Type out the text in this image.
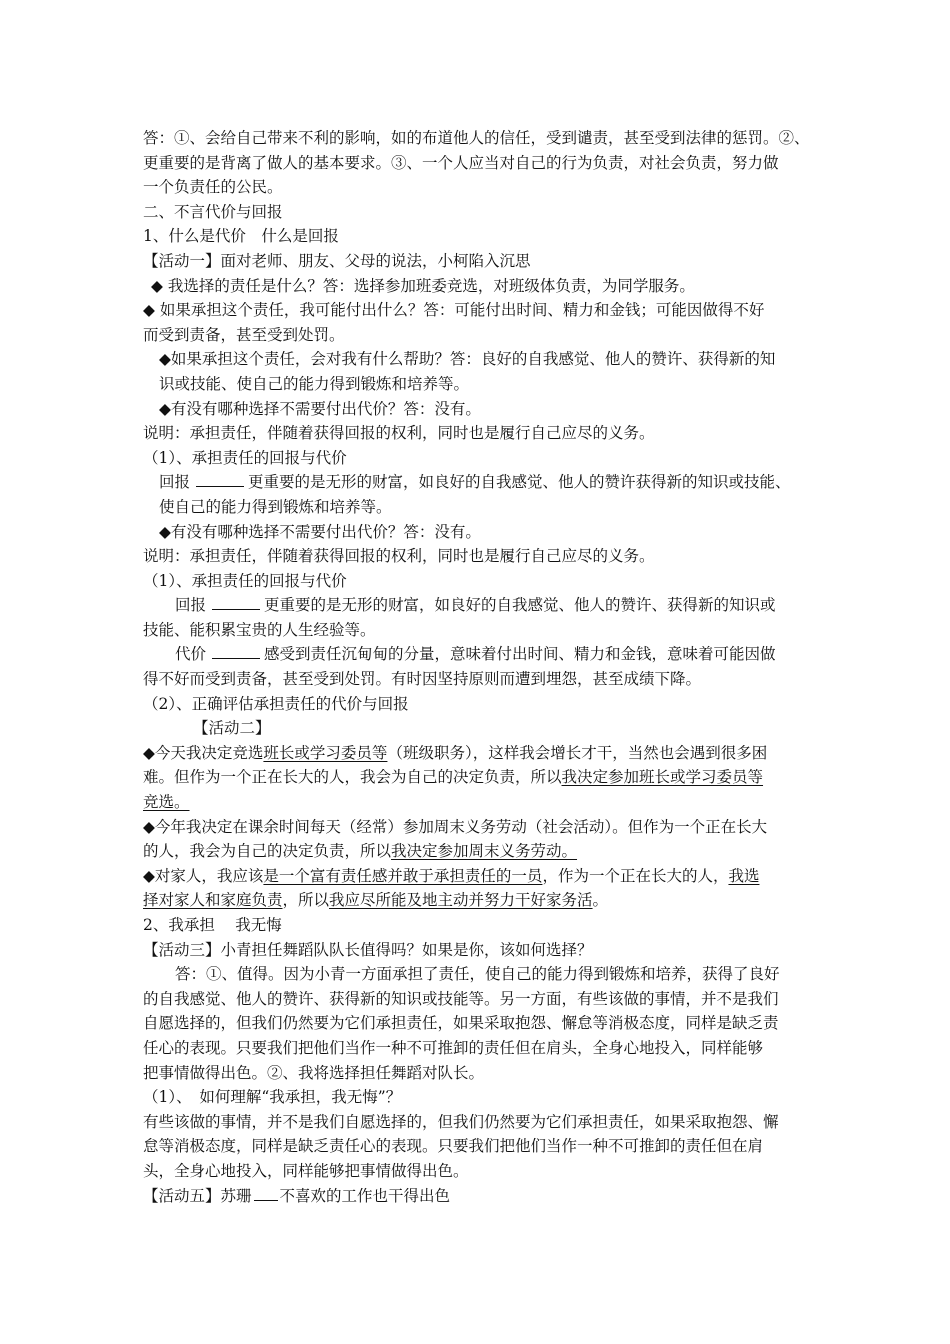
答：①、会给自己带来不利的影响，如的布道他人的信任，受到谴责，甚至受到法律的惩罚。②、
更重要的是背离了做人的基本要求。③、一个人应当对自己的行为负责，对社会负责，努力做
一个负责任的公民。
二、不言代价与回报
1、什么是代价　什么是回报
【活动一】面对老师、朋友、父母的说法，小柯陷入沉思
◆ 我选择的责任是什么？答：选择参加班委竞选，对班级体负责，为同学服务。
◆ 如果承担这个责任，我可能付出什么？答：可能付出时间、精力和金钱；可能因做得不好
而受到责备，甚至受到处罚。
◆如果承担这个责任，会对我有什么帮助？答：良好的自我感觉、他人的赞许、获得新的知
识或技能、使自己的能力得到锻炼和培养等。
◆有没有哪种选择不需要付出代价？答：没有。
说明：承担责任，伴随着获得回报的权利，同时也是履行自己应尽的义务。
（1）、承担责任的回报与代价
回报	更重要的是无形的财富，如良好的自我感觉、他人的赞许获得新的知识或技能、
使自己的能力得到锻炼和培养等。
◆有没有哪种选择不需要付出代价？答：没有。
说明：承担责任，伴随着获得回报的权利，同时也是履行自己应尽的义务。
（1）、承担责任的回报与代价
回报	更重要的是无形的财富，如良好的自我感觉、他人的赞许、获得新的知识或
技能、能积累宝贵的人生经验等。
代价	感受到责任沉甸甸的分量，意味着付出时间、精力和金钱，意味着可能因做
得不好而受到责备，甚至受到处罚。有时因坚持原则而遭到埋怨，甚至成绩下降。
（2）、正确评估承担责任的代价与回报
【活动二】
◆今天我决定竞选班长或学习委员等（班级职务），这样我会增长才干，当然也会遇到很多困
难。但作为一个正在长大的人，我会为自己的决定负责，所以我决定参加班长或学习委员等
竞选。
◆今年我决定在课余时间每天（经常）参加周末义务劳动（社会活动）。但作为一个正在长大
的人，我会为自己的决定负责，所以我决定参加周末义务劳动。
◆对家人，我应该是一个富有责任感并敢于承担责任的一员，作为一个正在长大的人，我选
择对家人和家庭负责，所以我应尽所能及地主动并努力干好家务活。
2、我承担　 我无悔
【活动三】小青担任舞蹈队队长值得吗？如果是你，该如何选择？
答：①、值得。因为小青一方面承担了责任，使自己的能力得到锻炼和培养，获得了良好
的自我感觉、他人的赞许、获得新的知识或技能等。另一方面，有些该做的事情，并不是我们
自愿选择的，但我们仍然要为它们承担责任，如果采取抱怨、懈怠等消极态度，同样是缺乏责
任心的表现。只要我们把他们当作一种不可推卸的责任但在肩头，全身心地投入，同样能够
把事情做得出色。②、我将选择担任舞蹈对队长。
（1）、　如何理解“我承担，我无悔”？
有些该做的事情，并不是我们自愿选择的，但我们仍然要为它们承担责任，如果采取抱怨、懈
怠等消极态度，同样是缺乏责任心的表现。只要我们把他们当作一种不可推卸的责任但在肩
头，全身心地投入，同样能够把事情做得出色。
【活动五】苏珊 不喜欢的工作也干得出色
